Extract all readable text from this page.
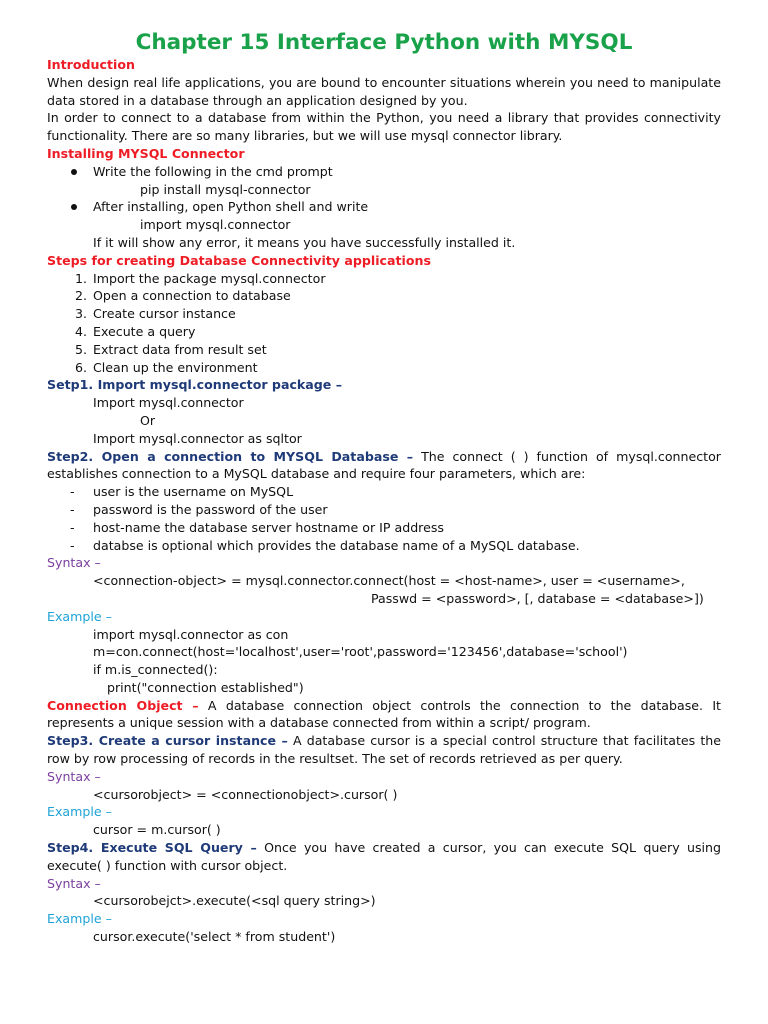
Chapter 15 Interface Python with MYSQL
Introduction
When design real life applications, you are bound to encounter situations wherein you need to manipulate data stored in a database through an application designed by you.
In order to connect to a database from within the Python, you need a library that provides connectivity functionality. There are so many libraries, but we will use mysql connector library.
Installing MYSQL Connector
Write the following in the cmd prompt
pip install mysql-connector
After installing, open Python shell and write
import mysql.connector
If it will show any error, it means you have successfully installed it.
Steps for creating Database Connectivity applications
1. Import the package mysql.connector
2. Open a connection to database
3. Create cursor instance
4. Execute a query
5. Extract data from result set
6. Clean up the environment
Setp1. Import mysql.connector package –
Import mysql.connector
Or
Import mysql.connector as sqltor
Step2. Open a connection to MYSQL Database – The connect ( ) function of mysql.connector establishes connection to a MySQL database and require four parameters, which are:
- user is the username on MySQL
- password is the password of the user
- host-name the database server hostname or IP address
- databse is optional which provides the database name of a MySQL database.
Syntax –
<connection-object> = mysql.connector.connect(host = <host-name>, user = <username>,
Passwd = <password>, [, database = <database>])
Example –
import mysql.connector as con
m=con.connect(host='localhost',user='root',password='123456',database='school')
if m.is_connected():
print("connection established")
Connection Object – A database connection object controls the connection to the database. It represents a unique session with a database connected from within a script/ program.
Step3. Create a cursor instance – A database cursor is a special control structure that facilitates the row by row processing of records in the resultset. The set of records retrieved as per query.
Syntax –
<cursorobject> = <connectionobject>.cursor( )
Example –
cursor = m.cursor( )
Step4. Execute SQL Query – Once you have created a cursor, you can execute SQL query using execute( ) function with cursor object.
Syntax –
<cursorobejct>.execute(<sql query string>)
Example –
cursor.execute('select * from student')
